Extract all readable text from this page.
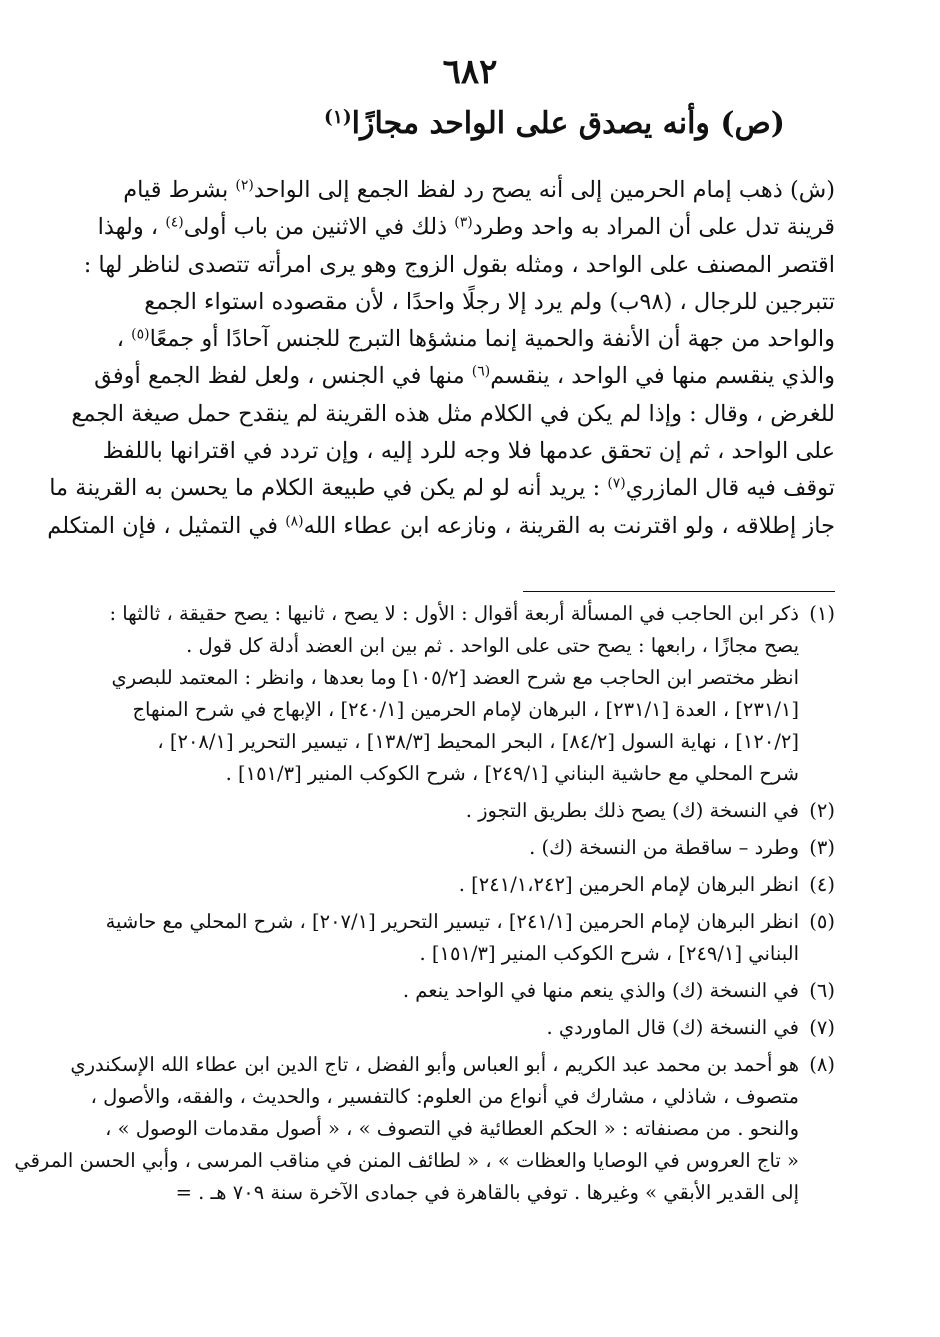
٦٨٢
(ص) وأنه يصدق على الواحد مجازًا$^{(١)}$
(ش) ذهب إمام الحرمين إلى أنه يصح رد لفظ الجمع إلى الواحد$^{(٢)}$ بشرط قيام
قرينة تدل على أن المراد به واحد وطرد$^{(٣)}$ ذلك في الاثنين من باب أولى$^{(٤)}$ ، ولهذا
اقتصر المصنف على الواحد ، ومثله بقول الزوج وهو يرى امرأته تتصدى لناظر لها :
تتبرجين للرجال ، (٩٨ب) ولم يرد إلا رجلًا واحدًا ، لأن مقصوده استواء الجمع
والواحد من جهة أن الأنفة والحمية إنما منشؤها التبرج للجنس آحادًا أو جمعًا$^{(٥)}$ ،
والذي ينقسم منها في الواحد ، ينقسم$^{(٦)}$ منها في الجنس ، ولعل لفظ الجمع أوفق
للغرض ، وقال : وإذا لم يكن في الكلام مثل هذه القرينة لم ينقدح حمل صيغة الجمع
على الواحد ، ثم إن تحقق عدمها فلا وجه للرد إليه ، وإن تردد في اقترانها باللفظ
توقف فيه قال المازري$^{(٧)}$ : يريد أنه لو لم يكن في طبيعة الكلام ما يحسن به القرينة ما
جاز إطلاقه ، ولو اقترنت به القرينة ، ونازعه ابن عطاء الله$^{(٨)}$ في التمثيل ، فإن المتكلم
(١)
ذكر ابن الحاجب في المسألة أربعة أقوال : الأول : لا يصح ، ثانيها : يصح حقيقة ، ثالثها :
يصح مجازًا ، رابعها : يصح حتى على الواحد . ثم بين ابن العضد أدلة كل قول .
انظر مختصر ابن الحاجب مع شرح العضد [١٠٥/٢] وما بعدها ، وانظر : المعتمد للبصري
[٢٣١/١] ، العدة [٢٣١/١] ، البرهان لإمام الحرمين [٢٤٠/١] ، الإبهاج في شرح المنهاج
[١٢٠/٢] ، نهاية السول [٨٤/٢] ، البحر المحيط [١٣٨/٣] ، تيسير التحرير [٢٠٨/١] ،
شرح المحلي مع حاشية البناني [٢٤٩/١] ، شرح الكوكب المنير [١٥١/٣] .
(٢)
في النسخة (ك) يصح ذلك بطريق التجوز .
(٣)
وطرد – ساقطة من النسخة (ك) .
(٤)
انظر البرهان لإمام الحرمين [٢٤١/١،٢٤٢] .
(٥)
انظر البرهان لإمام الحرمين [٢٤١/١] ، تيسير التحرير [٢٠٧/١] ، شرح المحلي مع حاشية
البناني [٢٤٩/١] ، شرح الكوكب المنير [١٥١/٣] .
(٦)
في النسخة (ك) والذي ينعم منها في الواحد ينعم .
(٧)
في النسخة (ك) قال الماوردي .
(٨)
هو أحمد بن محمد عبد الكريم ، أبو العباس وأبو الفضل ، تاج الدين ابن عطاء الله الإسكندري
متصوف ، شاذلي ، مشارك في أنواع من العلوم: كالتفسير ، والحديث ، والفقه، والأصول ،
والنحو . من مصنفاته : « الحكم العطائية في التصوف » ، « أصول مقدمات الوصول » ،
« تاج العروس في الوصايا والعظات » ، « لطائف المنن في مناقب المرسى ، وأبي الحسن المرقي
إلى القدير الأبقي » وغيرها . توفي بالقاهرة في جمادى الآخرة سنة ٧٠٩ هـ . =
